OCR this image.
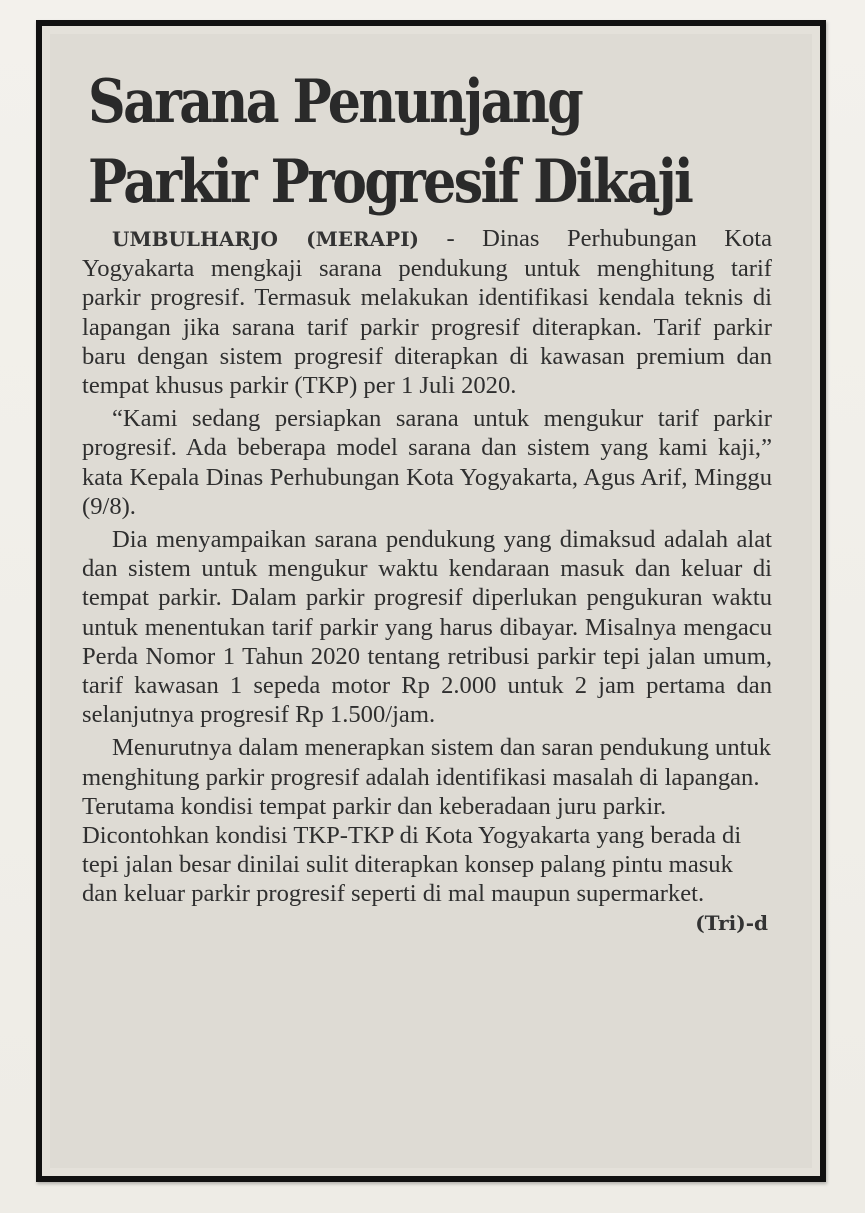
Sarana Penunjang
Parkir Progresif Dikaji

UMBULHARJO (MERAPI) - Dinas Perhubungan Kota Yogyakarta mengkaji sarana pendukung untuk menghitung tarif parkir progresif. Termasuk melakukan identifikasi kendala teknis di lapangan jika sarana tarif parkir progresif diterapkan. Tarif parkir baru dengan sistem progresif diterapkan di kawasan premium dan tempat khusus parkir (TKP) per 1 Juli 2020.

“Kami sedang persiapkan sarana untuk mengukur tarif parkir progresif. Ada beberapa model sarana dan sistem yang kami kaji,” kata Kepala Dinas Perhubungan Kota Yogyakarta, Agus Arif, Minggu (9/8).

Dia menyampaikan sarana pendukung yang dimaksud adalah alat dan sistem untuk mengukur waktu kendaraan masuk dan keluar di tempat parkir. Dalam parkir progresif diperlukan pengukuran waktu untuk menentukan tarif parkir yang harus dibayar. Misalnya mengacu Perda Nomor 1 Tahun 2020 tentang retribusi parkir tepi jalan umum, tarif kawasan 1 sepeda motor Rp 2.000 untuk 2 jam pertama dan selanjutnya progresif Rp 1.500/jam.

Menurutnya dalam menerapkan sistem dan saran pendukung untuk menghitung parkir progresif adalah identifikasi masalah di lapangan. Terutama kondisi tempat parkir dan keberadaan juru parkir. Dicontohkan kondisi TKP-TKP di Kota Yogyakarta yang berada di tepi jalan besar dinilai sulit diterapkan konsep palang pintu masuk dan keluar parkir progresif seperti di mal maupun supermarket.
(Tri)-d
